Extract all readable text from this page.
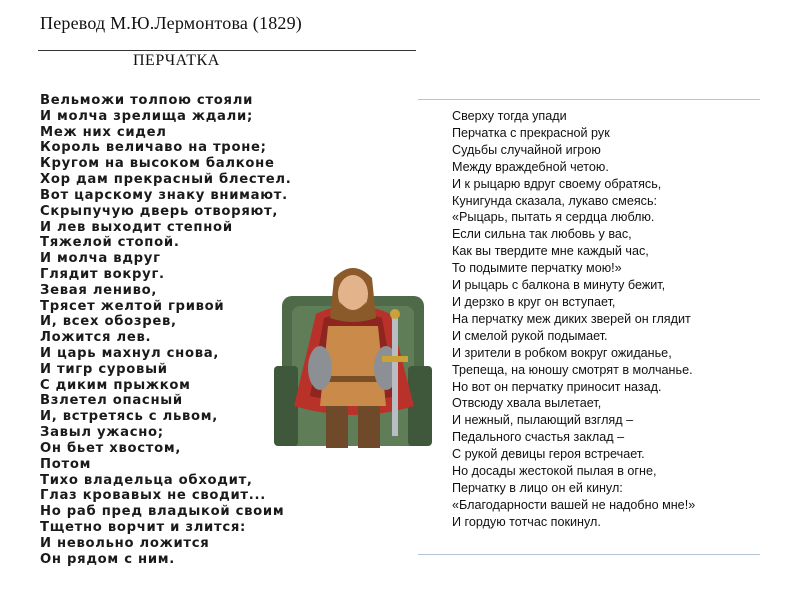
Перевод М.Ю.Лермонтова (1829)
ПЕРЧАТКА
Вельможи толпою стояли
И молча зрелища ждали;
Меж них сидел
Король величаво на троне;
Кругом на высоком балконе
Хор дам прекрасный блестел.
Вот царскому знаку внимают.
Скрыпучую дверь отворяют,
И лев выходит степной
Тяжелой стопой.
И молча вдруг
Глядит вокруг.
Зевая лениво,
Трясет желтой гривой
И, всех обозрев,
Ложится лев.
И царь махнул снова,
И тигр суровый
С диким прыжком
Взлетел опасный
И, встретясь с львом,
Завыл ужасно;
Он бьет хвостом,
Потом
Тихо владельца обходит,
Глаз кровавых не сводит...
Но раб пред владыкой своим
Тщетно ворчит и злится:
И невольно ложится
Он рядом с ним.
Сверху тогда упади
Перчатка с прекрасной рук
Судьбы случайной игрою
Между враждебной четою.
И к рыцарю вдруг своему обратясь,
Кунигунда сказала, лукаво смеясь:
«Рыцарь, пытать я сердца люблю.
Если сильна так любовь у вас,
Как вы твердите мне каждый час,
То подымите перчатку мою!»
И рыцарь с балкона в минуту бежит,
И дерзко в круг он вступает,
На перчатку меж диких зверей он глядит
И смелой рукой подымает.
И зрители в робком вокруг ожиданье,
Трепеща, на юношу смотрят в молчанье.
Но вот он перчатку приносит назад.
Отвсюду хвала вылетает,
И нежный, пылающий взгляд –
Педального счастья заклад –
С рукой девицы героя встречает.
Но досады жестокой пылая в огне,
Перчатку в лицо он ей кинул:
«Благодарности вашей не надобно мне!»
И гордую тотчас покинул.
